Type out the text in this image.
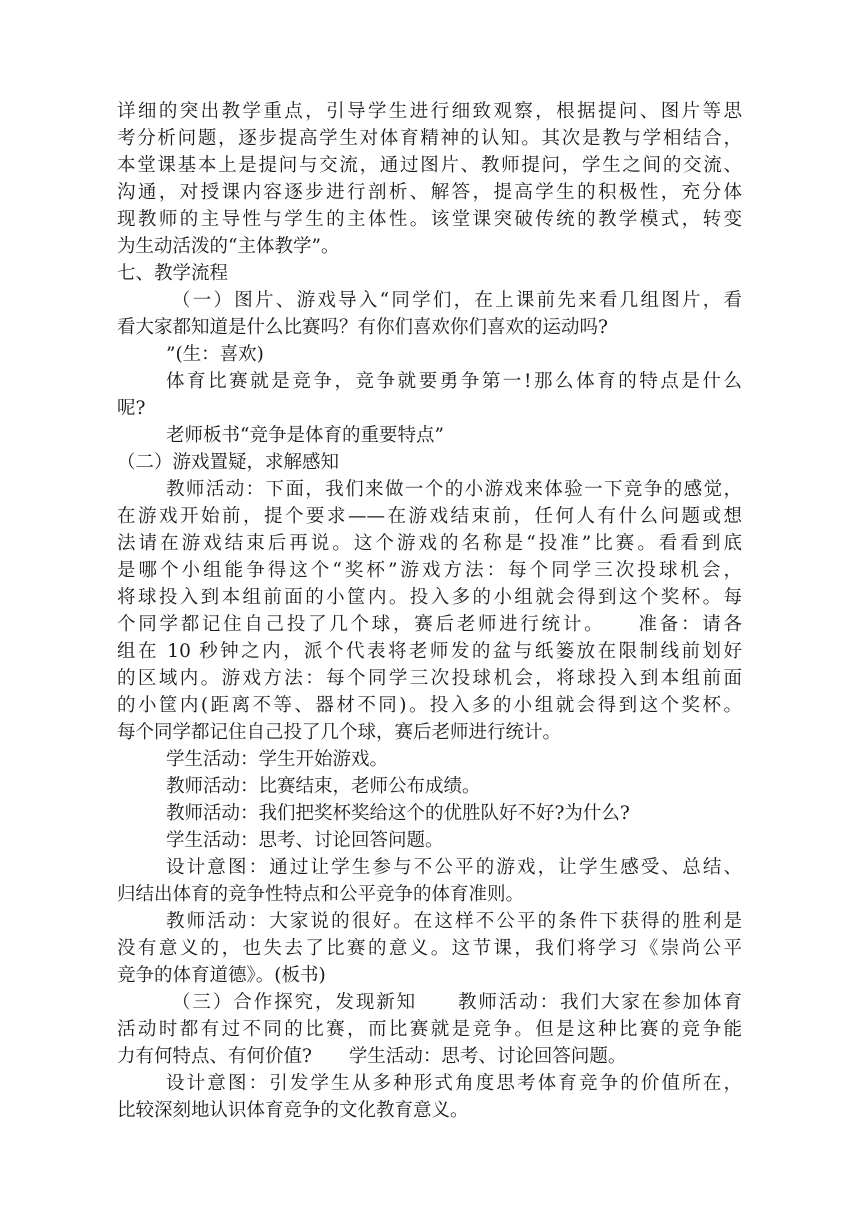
详细的突出教学重点，引导学生进行细致观察，根据提问、图片等思
考分析问题，逐步提高学生对体育精神的认知。其次是教与学相结合，
本堂课基本上是提问与交流，通过图片、教师提问，学生之间的交流、
沟通，对授课内容逐步进行剖析、解答，提高学生的积极性，充分体
现教师的主导性与学生的主体性。该堂课突破传统的教学模式，转变
为生动活泼的“主体教学”。
七、教学流程
（一）图片、游戏导入“同学们，在上课前先来看几组图片，看
看大家都知道是什么比赛吗？有你们喜欢你们喜欢的运动吗?
”(生：喜欢)
体育比赛就是竞争，竞争就要勇争第一!那么体育的特点是什么
呢?
老师板书“竞争是体育的重要特点”
（二）游戏置疑，求解感知
教师活动：下面，我们来做一个的小游戏来体验一下竞争的感觉，
在游戏开始前，提个要求——在游戏结束前，任何人有什么问题或想
法请在游戏结束后再说。这个游戏的名称是“投准”比赛。看看到底
是哪个小组能争得这个“奖杯”游戏方法：每个同学三次投球机会，
将球投入到本组前面的小筐内。投入多的小组就会得到这个奖杯。每
个同学都记住自己投了几个球，赛后老师进行统计。　　准备：请各
组在 10 秒钟之内，派个代表将老师发的盆与纸篓放在限制线前划好
的区域内。游戏方法：每个同学三次投球机会，将球投入到本组前面
的小筐内(距离不等、器材不同)。投入多的小组就会得到这个奖杯。
每个同学都记住自己投了几个球，赛后老师进行统计。
学生活动：学生开始游戏。
教师活动：比赛结束，老师公布成绩。
教师活动：我们把奖杯奖给这个的优胜队好不好?为什么?
学生活动：思考、讨论回答问题。
设计意图：通过让学生参与不公平的游戏，让学生感受、总结、
归结出体育的竞争性特点和公平竞争的体育准则。
教师活动：大家说的很好。在这样不公平的条件下获得的胜利是
没有意义的，也失去了比赛的意义。这节课，我们将学习《崇尚公平
竞争的体育道德》。(板书)
（三）合作探究，发现新知　　教师活动：我们大家在参加体育
活动时都有过不同的比赛，而比赛就是竞争。但是这种比赛的竞争能
力有何特点、有何价值?　　学生活动：思考、讨论回答问题。
设计意图：引发学生从多种形式角度思考体育竞争的价值所在，
比较深刻地认识体育竞争的文化教育意义。
